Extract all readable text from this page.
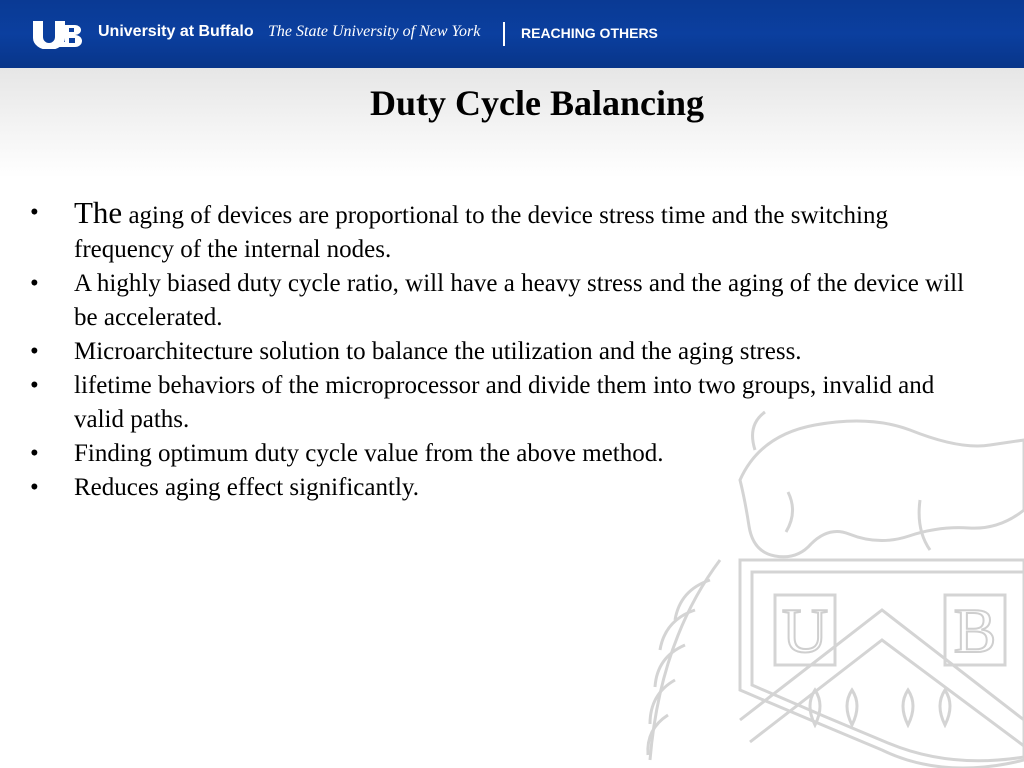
University at Buffalo The State University of New York	REACHING OTHERS
Duty Cycle Balancing
U B
•	The aging of devices are proportional to the device stress time and the switching frequency of the internal nodes.
•	A highly biased duty cycle ratio, will have a heavy stress and the aging of the device will be accelerated.
•	Microarchitecture solution to balance the utilization and the aging stress.
•	lifetime behaviors of the microprocessor and divide them into two groups, invalid and valid paths.
•	Finding optimum duty cycle value from the above method.
•	Reduces aging effect significantly.
